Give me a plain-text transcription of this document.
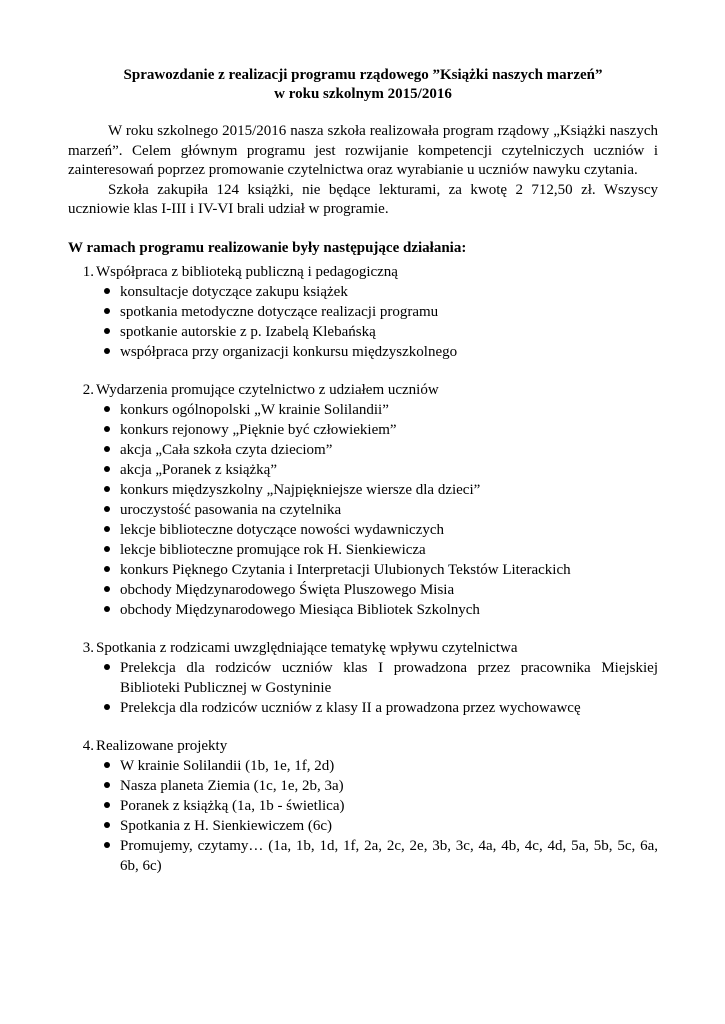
Sprawozdanie z realizacji programu rządowego ”Książki naszych marzeń”

w roku szkolnym 2015/2016

W roku szkolnego 2015/2016 nasza szkoła realizowała program rządowy „Książki naszych marzeń”. Celem głównym programu jest rozwijanie kompetencji czytelniczych uczniów i zainteresowań poprzez promowanie czytelnictwa oraz wyrabianie u uczniów nawyku czytania.

Szkoła zakupiła 124 książki, nie będące lekturami, za kwotę 2 712,50 zł. Wszyscy uczniowie klas I-III i IV-VI brali udział w programie.

W ramach programu realizowanie były następujące działania:

1. Współpraca z biblioteką publiczną i pedagogiczną
konsultacje dotyczące zakupu książek
spotkania metodyczne dotyczące realizacji programu
spotkanie autorskie z p. Izabelą Klebańską
współpraca przy organizacji konkursu międzyszkolnego
2. Wydarzenia promujące czytelnictwo z udziałem uczniów
konkurs ogólnopolski „W krainie Solilandii”
konkurs rejonowy „Pięknie być człowiekiem”
akcja „Cała szkoła czyta dzieciom”
akcja „Poranek z książką”
konkurs międzyszkolny „Najpiękniejsze wiersze dla dzieci”
uroczystość pasowania na czytelnika
lekcje biblioteczne dotyczące nowości wydawniczych
lekcje biblioteczne promujące rok H. Sienkiewicza
konkurs Pięknego Czytania i Interpretacji Ulubionych Tekstów Literackich
obchody Międzynarodowego Święta Pluszowego Misia
obchody Międzynarodowego Miesiąca Bibliotek Szkolnych
3. Spotkania z rodzicami uwzględniające tematykę wpływu czytelnictwa
Prelekcja dla rodziców uczniów klas I prowadzona przez pracownika Miejskiej Biblioteki Publicznej w Gostyninie
Prelekcja dla rodziców uczniów z klasy II a prowadzona przez wychowawcę
4. Realizowane projekty
W krainie Solilandii (1b, 1e, 1f, 2d)
Nasza planeta Ziemia (1c, 1e, 2b, 3a)
Poranek z książką (1a, 1b - świetlica)
Spotkania z H. Sienkiewiczem (6c)
Promujemy, czytamy… (1a, 1b, 1d, 1f, 2a, 2c, 2e, 3b, 3c, 4a, 4b, 4c, 4d, 5a, 5b, 5c, 6a, 6b, 6c)
